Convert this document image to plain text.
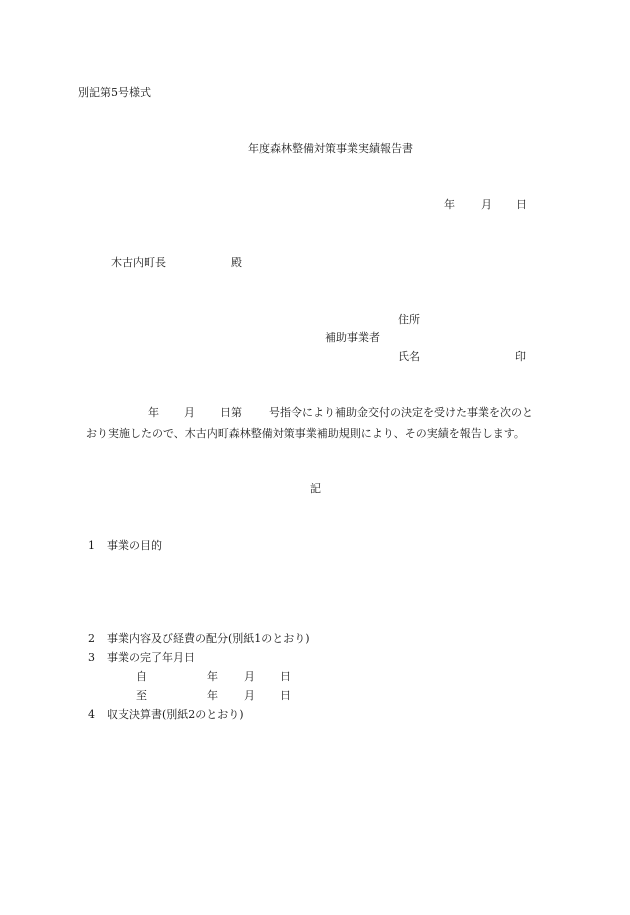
別記第5号様式
年度森林整備対策事業実績報告書
年 月 日
木古内町長	殿
住所
補助事業者
氏名	印
年 月 日第 号指令により補助金交付の決定を受けた事業を次のと
おり実施したので、木古内町森林整備対策事業補助規則により、その実績を報告します。
記
1 事業の目的
2 事業内容及び経費の配分(別紙1のとおり)
3 事業の完了年月日
自	年 月 日
至	年 月 日
4 収支決算書(別紙2のとおり)
